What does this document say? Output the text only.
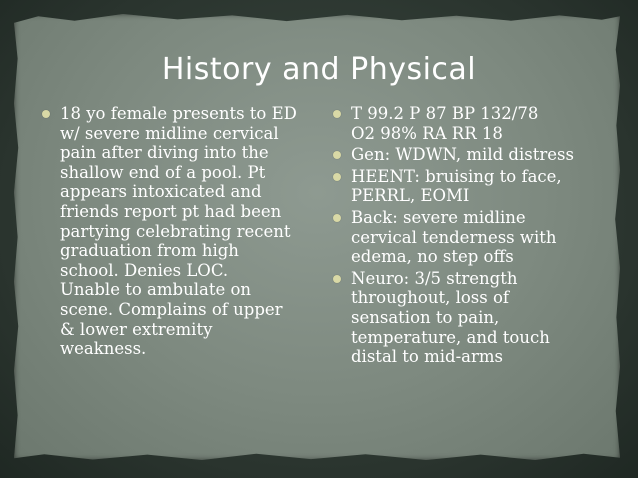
History and Physical
18 yo female presents to ED
w/ severe midline cervical
pain after diving into the
shallow end of a pool. Pt
appears intoxicated and
friends report pt had been
partying celebrating recent
graduation from high
school. Denies LOC.
Unable to ambulate on
scene. Complains of upper
& lower extremity
weakness.
T 99.2 P 87 BP 132/78
O2 98% RA RR 18
Gen: WDWN, mild distress
HEENT: bruising to face,
PERRL, EOMI
Back: severe midline
cervical tenderness with
edema, no step offs
Neuro: 3/5 strength
throughout, loss of
sensation to pain,
temperature, and touch
distal to mid-arms
